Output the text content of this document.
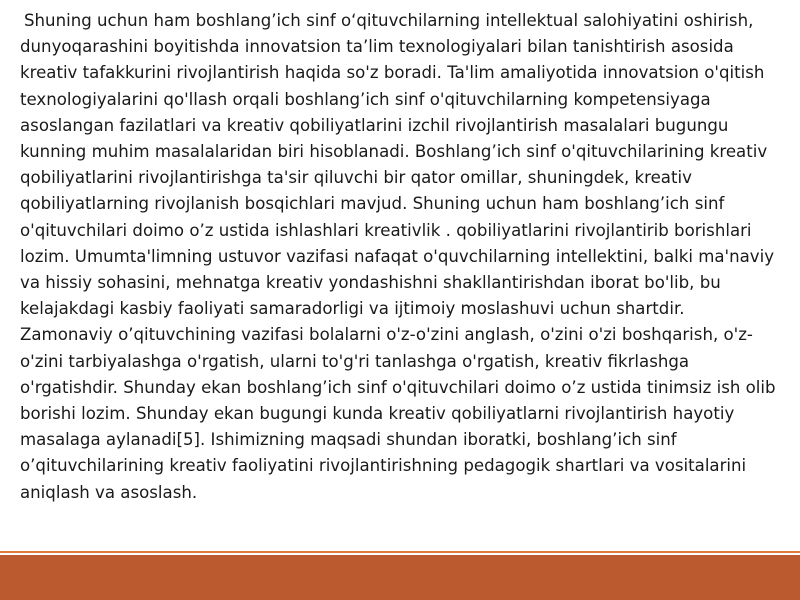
Shuning uchun ham boshlang’ich sinf o‘qituvchilarning intellektual salohiyatini oshirish, dunyoqarashini boyitishda innovatsion ta’lim texnologiyalari bilan tanishtirish asosida kreativ tafakkurini rivojlantirish haqida so'z boradi. Ta'lim amaliyotida innovatsion o'qitish texnologiyalarini qo'llash orqali boshlang’ich sinf o'qituvchilarning kompetensiyaga asoslangan fazilatlari va kreativ qobiliyatlarini izchil rivojlantirish masalalari bugungu kunning muhim masalalaridan biri hisoblanadi. Boshlang’ich sinf o'qituvchilarining kreativ qobiliyatlarini rivojlantirishga ta'sir qiluvchi bir qator omillar, shuningdek, kreativ qobiliyatlarning rivojlanish bosqichlari mavjud. Shuning uchun ham boshlang’ich sinf o'qituvchilari doimo o’z ustida ishlashlari kreativlik . qobiliyatlarini rivojlantirib borishlari lozim. Umumta'limning ustuvor vazifasi nafaqat o'quvchilarning intellektini, balki ma'naviy va hissiy sohasini, mehnatga kreativ yondashishni shakllantirishdan iborat bo'lib, bu kelajakdagi kasbiy faoliyati samaradorligi va ijtimoiy moslashuvi uchun shartdir. Zamonaviy o’qituvchining vazifasi bolalarni o'z-o'zini anglash, o'zini o'zi boshqarish, o'z-o'zini tarbiyalashga o'rgatish, ularni to'g'ri tanlashga o'rgatish, kreativ fikrlashga o'rgatishdir. Shunday ekan boshlang’ich sinf o'qituvchilari doimo o’z ustida tinimsiz ish olib borishi lozim. Shunday ekan bugungi kunda kreativ qobiliyatlarni rivojlantirish hayotiy masalaga aylanadi[5]. Ishimizning maqsadi shundan iboratki, boshlang’ich sinf o’qituvchilarining kreativ faoliyatini rivojlantirishning pedagogik shartlari va vositalarini aniqlash va asoslash.
